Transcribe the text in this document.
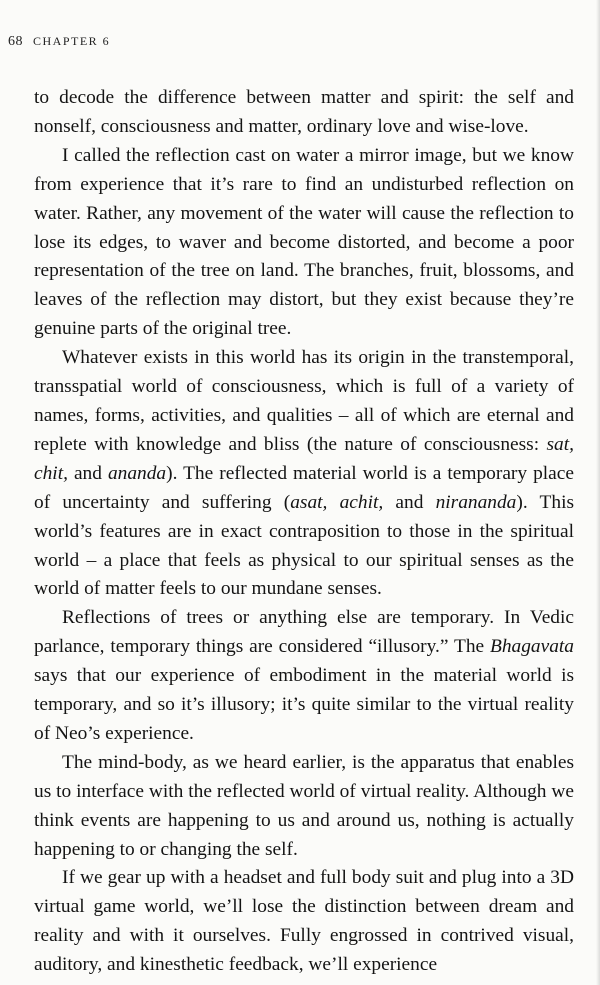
68 CHAPTER 6

to decode the difference between matter and spirit: the self and nonself, consciousness and matter, ordinary love and wise-love.

I called the reflection cast on water a mirror image, but we know from experience that it’s rare to find an undisturbed reflection on water. Rather, any movement of the water will cause the reflection to lose its edges, to waver and become distorted, and become a poor representation of the tree on land. The branches, fruit, blossoms, and leaves of the reflection may distort, but they exist because they’re genuine parts of the original tree.

Whatever exists in this world has its origin in the transtemporal, transspatial world of consciousness, which is full of a variety of names, forms, activities, and qualities – all of which are eternal and replete with knowledge and bliss (the nature of consciousness: sat, chit, and ananda). The reflected material world is a temporary place of uncertainty and suffering (asat, achit, and nirananda). This world’s features are in exact contraposition to those in the spiritual world – a place that feels as physical to our spiritual senses as the world of matter feels to our mundane senses.

Reflections of trees or anything else are temporary. In Vedic parlance, temporary things are considered “illusory.” The Bhagavata says that our experience of embodiment in the material world is temporary, and so it’s illusory; it’s quite similar to the virtual reality of Neo’s experience.

The mind-body, as we heard earlier, is the apparatus that enables us to interface with the reflected world of virtual reality. Although we think events are happening to us and around us, nothing is actually happening to or changing the self.

If we gear up with a headset and full body suit and plug into a 3D virtual game world, we’ll lose the distinction between dream and reality and with it ourselves. Fully engrossed in contrived visual, auditory, and kinesthetic feedback, we’ll experience
